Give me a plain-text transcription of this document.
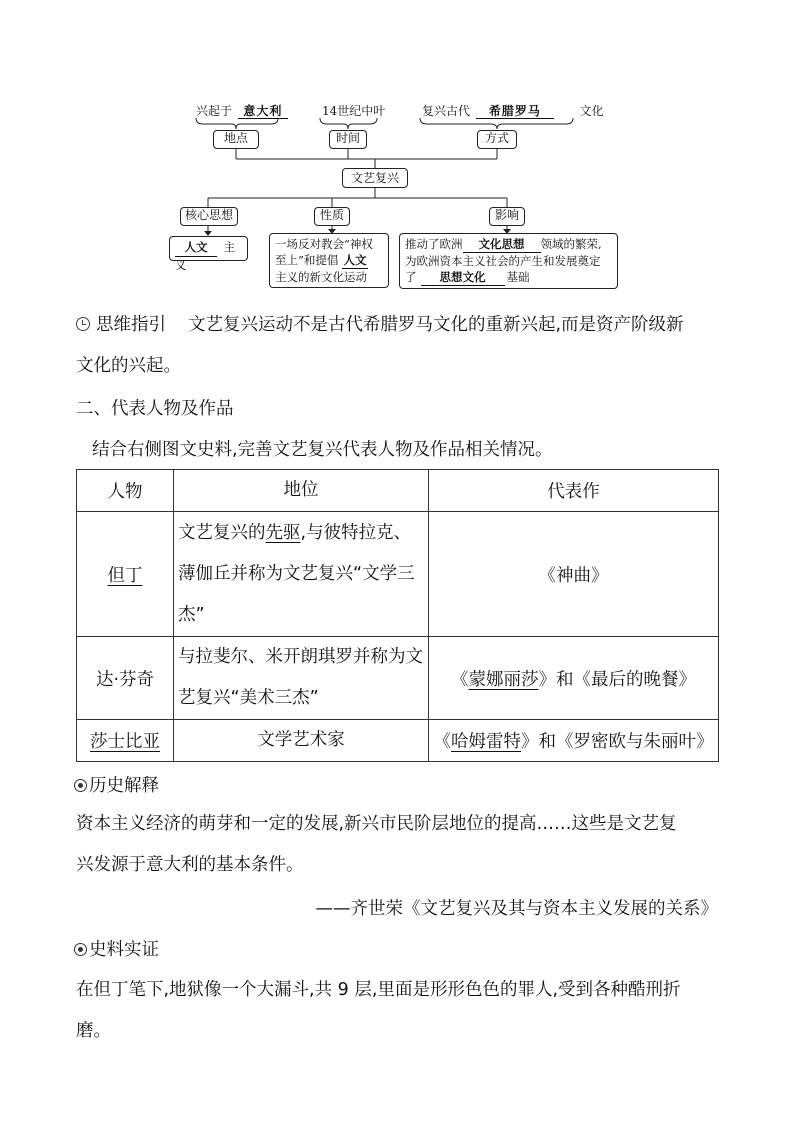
兴起于 意大利	14世纪中叶	复兴古代 希腊罗马	文化
地点	时间	方式
文艺复兴
核心思想	性质	影响
人文 主义
一场反对教会“神权
至上”和提倡 人文
主义的新文化运动
推动了欧洲 文化思想 领域的繁荣,
为欧洲资本主义社会的产生和发展奠定
了 思想文化 基础
思维指引 文艺复兴运动不是古代希腊罗马文化的重新兴起,而是资产阶级新
文化的兴起。
二、代表人物及作品
结合右侧图文史料,完善文艺复兴代表人物及作品相关情况。
人物	地位	代表作
但丁	文艺复兴的先驱,与彼特拉克、薄伽丘并称为文艺复兴“文学三杰”	《神曲》
达·芬奇	与拉斐尔、米开朗琪罗并称为文艺复兴“美术三杰”	《蒙娜丽莎》和《最后的晚餐》
莎士比亚	文学艺术家	《哈姆雷特》和《罗密欧与朱丽叶》
历史解释
资本主义经济的萌芽和一定的发展,新兴市民阶层地位的提高……这些是文艺复
兴发源于意大利的基本条件。
——齐世荣《文艺复兴及其与资本主义发展的关系》
史料实证
在但丁笔下,地狱像一个大漏斗,共 9 层,里面是形形色色的罪人,受到各种酷刑折
磨。
